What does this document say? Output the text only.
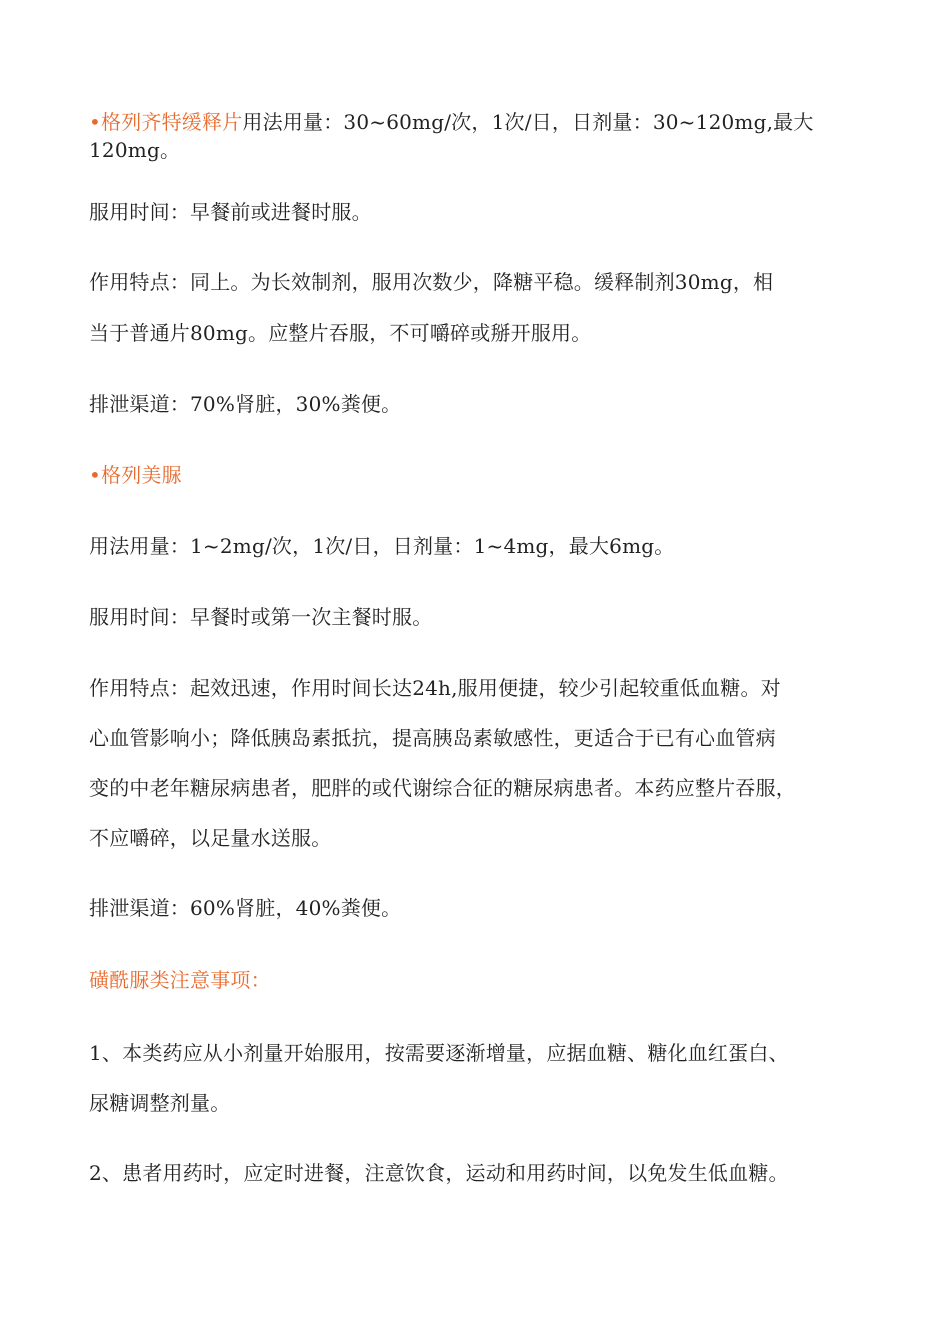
•格列齐特缓释片用法用量：30~60mg/次，1次/日，日剂量：30~120mg,最大
120mg。
服用时间：早餐前或进餐时服。
作用特点：同上。为长效制剂，服用次数少，降糖平稳。缓释制剂30mg，相
当于普通片80mg。应整片吞服，不可嚼碎或掰开服用。
排泄渠道：70%肾脏，30%粪便。
•格列美脲
用法用量：1~2mg/次，1次/日，日剂量：1~4mg，最大6mg。
服用时间：早餐时或第一次主餐时服。
作用特点：起效迅速，作用时间长达24h,服用便捷，较少引起较重低血糖。对
心血管影响小；降低胰岛素抵抗，提高胰岛素敏感性，更适合于已有心血管病
变的中老年糖尿病患者，肥胖的或代谢综合征的糖尿病患者。本药应整片吞服，
不应嚼碎，以足量水送服。
排泄渠道：60%肾脏，40%粪便。
磺酰脲类注意事项：
1、本类药应从小剂量开始服用，按需要逐渐增量，应据血糖、糖化血红蛋白、
尿糖调整剂量。
2、患者用药时，应定时进餐，注意饮食，运动和用药时间，以免发生低血糖。
